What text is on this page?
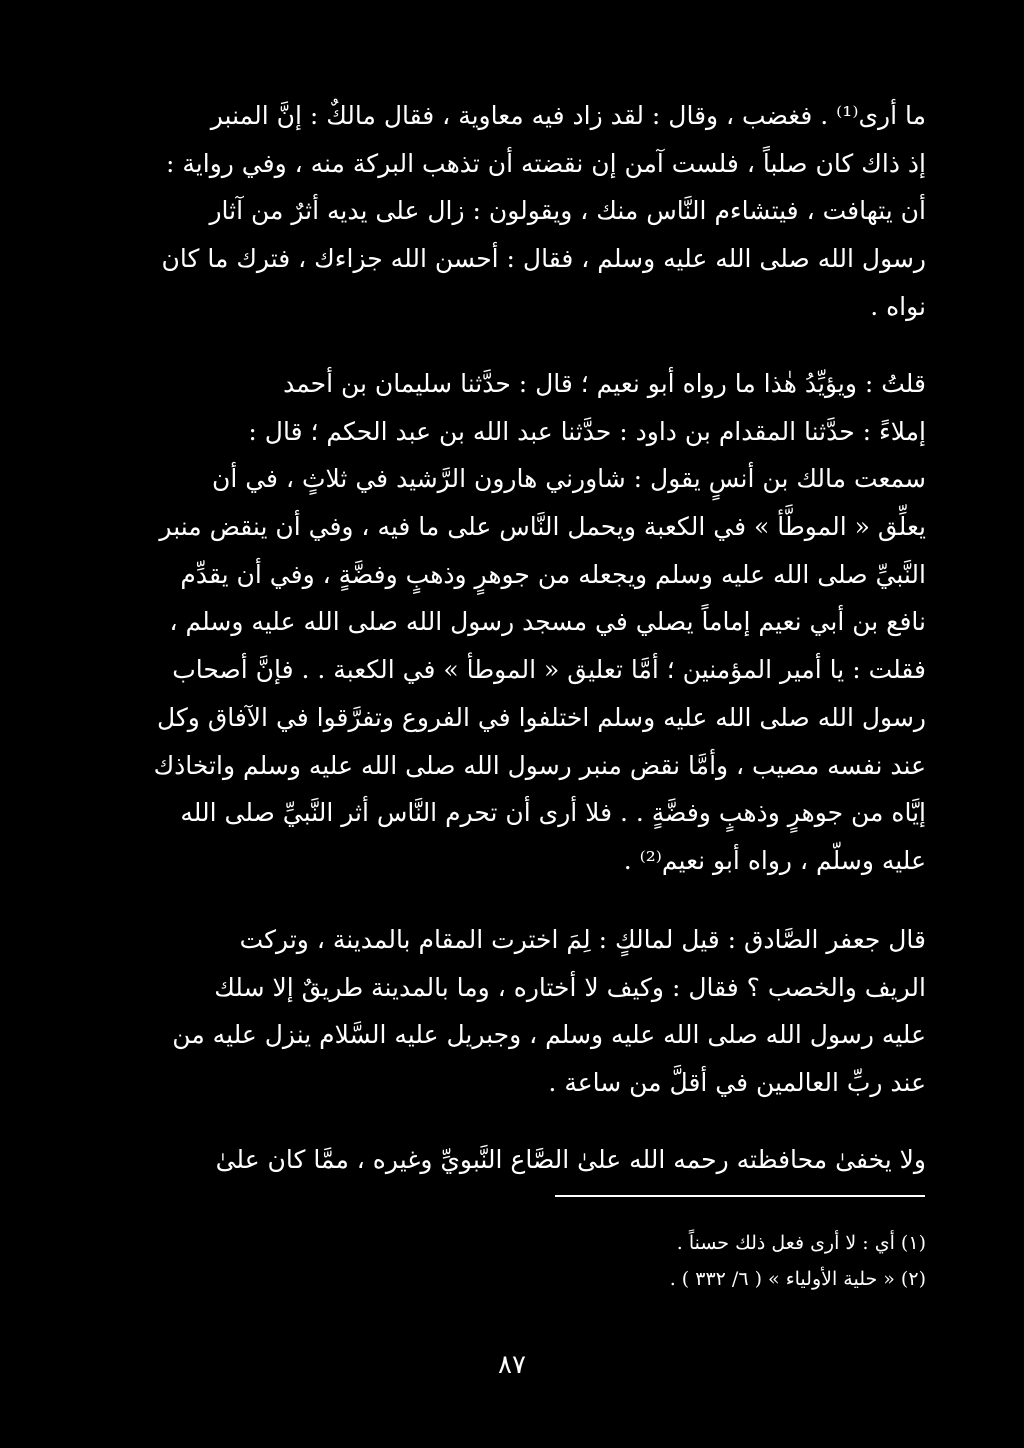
ما أرى⁽¹⁾ . فغضب ، وقال : لقد زاد فيه معاوية ، فقال مالكٌ : إنَّ المنبر
إذ ذاك كان صلباً ، فلست آمن إن نقضته أن تذهب البركة منه ، وفي رواية :
أن يتهافت ، فيتشاءم النَّاس منك ، ويقولون : زال على يديه أثرٌ من آثار
رسول الله صلى الله عليه وسلم ، فقال : أحسن الله جزاءك ، فترك ما كان
نواه .
قلتُ : ويؤيِّدُ هٰذا ما رواه أبو نعيم ؛ قال : حدَّثنا سليمان بن أحمد
إملاءً : حدَّثنا المقدام بن داود : حدَّثنا عبد الله بن عبد الحكم ؛ قال :
سمعت مالك بن أنسٍ يقول : شاورني هارون الرَّشيد في ثلاثٍ ، في أن
يعلِّق « الموطَّأ » في الكعبة ويحمل النَّاس على ما فيه ، وفي أن ينقض منبر
النَّبيِّ صلى الله عليه وسلم ويجعله من جوهرٍ وذهبٍ وفضَّةٍ ، وفي أن يقدِّم
نافع بن أبي نعيم إماماً يصلي في مسجد رسول الله صلى الله عليه وسلم ،
فقلت : يا أمير المؤمنين ؛ أمَّا تعليق « الموطأ » في الكعبة . . فإنَّ أصحاب
رسول الله صلى الله عليه وسلم اختلفوا في الفروع وتفرَّقوا في الآفاق وكل
عند نفسه مصيب ، وأمَّا نقض منبر رسول الله صلى الله عليه وسلم واتخاذك
إيَّاه من جوهرٍ وذهبٍ وفضَّةٍ . . فلا أرى أن تحرم النَّاس أثر النَّبيِّ صلى الله
عليه وسلّم ، رواه أبو نعيم⁽²⁾ .
قال جعفر الصَّادق : قيل لمالكٍ : لِمَ اخترت المقام بالمدينة ، وتركت
الريف والخصب ؟ فقال : وكيف لا أختاره ، وما بالمدينة طريقٌ إلا سلك
عليه رسول الله صلى الله عليه وسلم ، وجبريل عليه السَّلام ينزل عليه من
عند ربِّ العالمين في أقلَّ من ساعة .
ولا يخفىٰ محافظته رحمه الله علىٰ الصَّاع النَّبويِّ وغيره ، ممَّا كان علىٰ
(١) أي : لا أرى فعل ذلك حسناً .
(٢) « حلية الأولياء » ( ٦/ ٣٣٢ ) .
٨٧
